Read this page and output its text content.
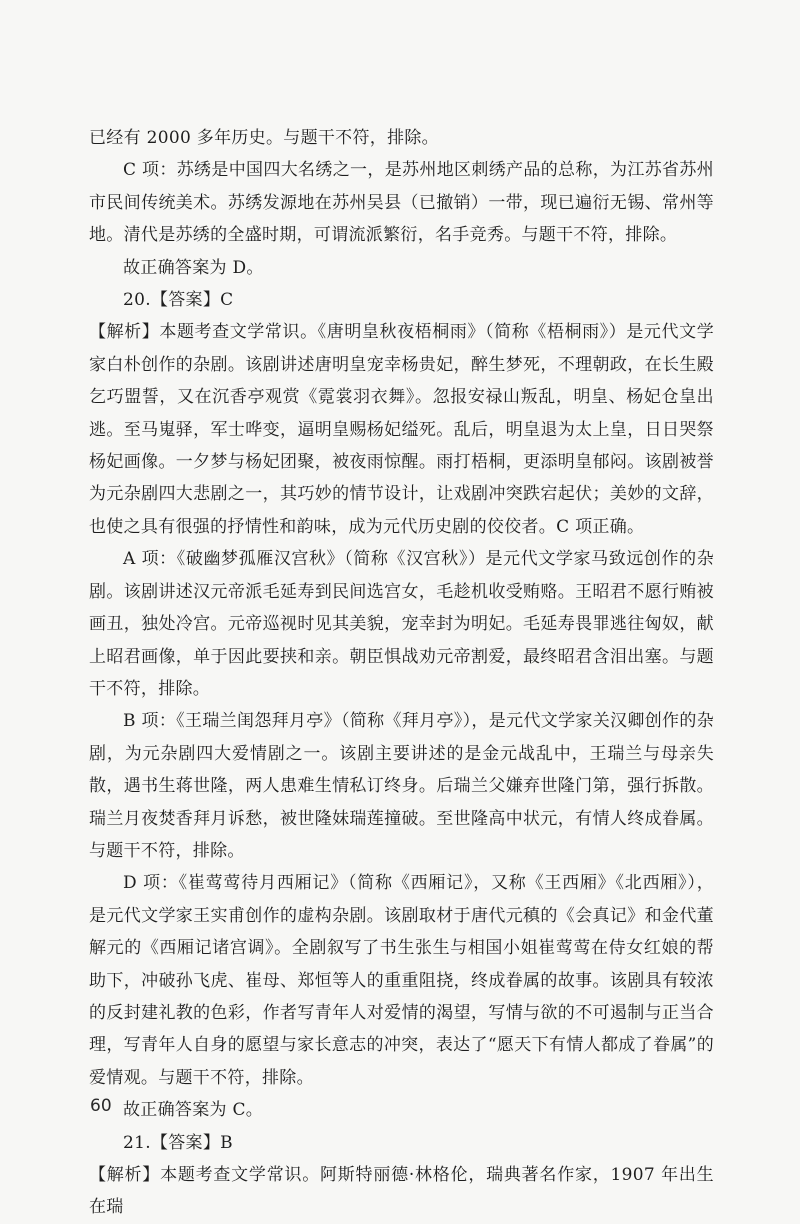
已经有 2000 多年历史。与题干不符，排除。

C 项：苏绣是中国四大名绣之一，是苏州地区刺绣产品的总称，为江苏省苏州市民间传统美术。苏绣发源地在苏州吴县（已撤销）一带，现已遍衍无锡、常州等地。清代是苏绣的全盛时期，可谓流派繁衍，名手竞秀。与题干不符，排除。

故正确答案为 D。

20.【答案】C

【解析】本题考查文学常识。《唐明皇秋夜梧桐雨》（简称《梧桐雨》）是元代文学家白朴创作的杂剧。该剧讲述唐明皇宠幸杨贵妃，醉生梦死，不理朝政，在长生殿乞巧盟誓，又在沉香亭观赏《霓裳羽衣舞》。忽报安禄山叛乱，明皇、杨妃仓皇出逃。至马嵬驿，军士哗变，逼明皇赐杨妃缢死。乱后，明皇退为太上皇，日日哭祭杨妃画像。一夕梦与杨妃团聚，被夜雨惊醒。雨打梧桐，更添明皇郁闷。该剧被誉为元杂剧四大悲剧之一，其巧妙的情节设计，让戏剧冲突跌宕起伏；美妙的文辞，也使之具有很强的抒情性和韵味，成为元代历史剧的佼佼者。C 项正确。

A 项：《破幽梦孤雁汉宫秋》（简称《汉宫秋》）是元代文学家马致远创作的杂剧。该剧讲述汉元帝派毛延寿到民间选宫女，毛趁机收受贿赂。王昭君不愿行贿被画丑，独处冷宫。元帝巡视时见其美貌，宠幸封为明妃。毛延寿畏罪逃往匈奴，献上昭君画像，单于因此要挟和亲。朝臣惧战劝元帝割爱，最终昭君含泪出塞。与题干不符，排除。

B 项：《王瑞兰闺怨拜月亭》（简称《拜月亭》），是元代文学家关汉卿创作的杂剧，为元杂剧四大爱情剧之一。该剧主要讲述的是金元战乱中，王瑞兰与母亲失散，遇书生蒋世隆，两人患难生情私订终身。后瑞兰父嫌弃世隆门第，强行拆散。瑞兰月夜焚香拜月诉愁，被世隆妹瑞莲撞破。至世隆高中状元，有情人终成眷属。与题干不符，排除。

D 项：《崔莺莺待月西厢记》（简称《西厢记》，又称《王西厢》《北西厢》），是元代文学家王实甫创作的虚构杂剧。该剧取材于唐代元稹的《会真记》和金代董解元的《西厢记诸宫调》。全剧叙写了书生张生与相国小姐崔莺莺在侍女红娘的帮助下，冲破孙飞虎、崔母、郑恒等人的重重阻挠，终成眷属的故事。该剧具有较浓的反封建礼教的色彩，作者写青年人对爱情的渴望，写情与欲的不可遏制与正当合理，写青年人自身的愿望与家长意志的冲突，表达了“愿天下有情人都成了眷属”的爱情观。与题干不符，排除。

故正确答案为 C。

21.【答案】B

【解析】本题考查文学常识。阿斯特丽德·林格伦，瑞典著名作家，1907 年出生在瑞

60
